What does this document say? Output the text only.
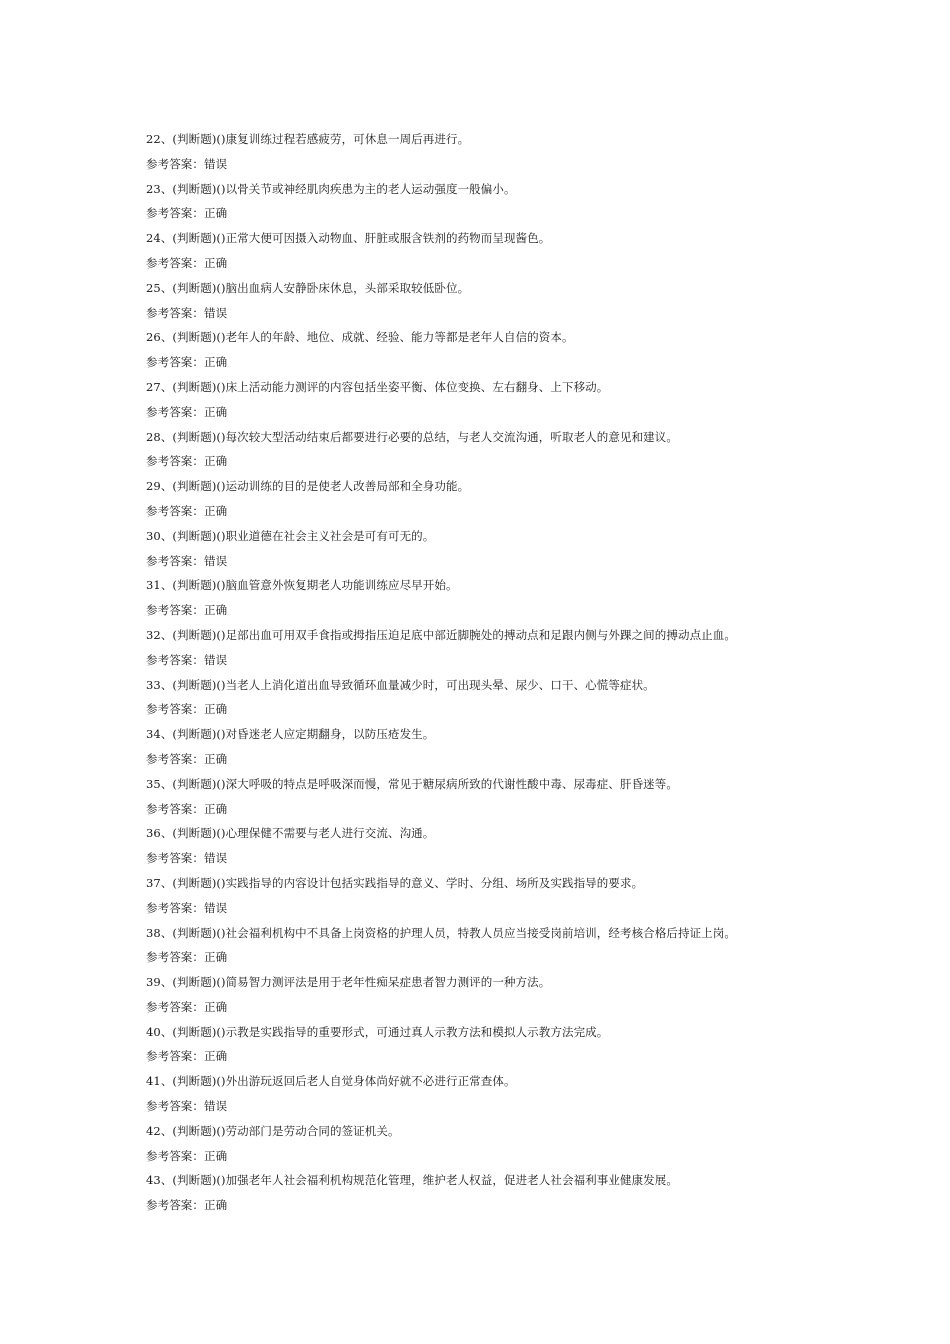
22、(判断题)()康复训练过程若感疲劳，可休息一周后再进行。
参考答案：错误
23、(判断题)()以骨关节或神经肌肉疾患为主的老人运动强度一般偏小。
参考答案：正确
24、(判断题)()正常大便可因摄入动物血、肝脏或服含铁剂的药物而呈现酱色。
参考答案：正确
25、(判断题)()脑出血病人安静卧床休息，头部采取较低卧位。
参考答案：错误
26、(判断题)()老年人的年龄、地位、成就、经验、能力等都是老年人自信的资本。
参考答案：正确
27、(判断题)()床上活动能力测评的内容包括坐姿平衡、体位变换、左右翻身、上下移动。
参考答案：正确
28、(判断题)()每次较大型活动结束后都要进行必要的总结，与老人交流沟通，听取老人的意见和建议。
参考答案：正确
29、(判断题)()运动训练的目的是使老人改善局部和全身功能。
参考答案：正确
30、(判断题)()职业道德在社会主义社会是可有可无的。
参考答案：错误
31、(判断题)()脑血管意外恢复期老人功能训练应尽早开始。
参考答案：正确
32、(判断题)()足部出血可用双手食指或拇指压迫足底中部近脚腕处的搏动点和足跟内侧与外踝之间的搏动点止血。
参考答案：错误
33、(判断题)()当老人上消化道出血导致循环血量减少时，可出现头晕、尿少、口干、心慌等症状。
参考答案：正确
34、(判断题)()对昏迷老人应定期翻身，以防压疮发生。
参考答案：正确
35、(判断题)()深大呼吸的特点是呼吸深而慢，常见于糖尿病所致的代谢性酸中毒、尿毒症、肝昏迷等。
参考答案：正确
36、(判断题)()心理保健不需要与老人进行交流、沟通。
参考答案：错误
37、(判断题)()实践指导的内容设计包括实践指导的意义、学时、分组、场所及实践指导的要求。
参考答案：错误
38、(判断题)()社会福利机构中不具备上岗资格的护理人员，特教人员应当接受岗前培训，经考核合格后持证上岗。
参考答案：正确
39、(判断题)()简易智力测评法是用于老年性痴呆症患者智力测评的一种方法。
参考答案：正确
40、(判断题)()示教是实践指导的重要形式，可通过真人示教方法和模拟人示教方法完成。
参考答案：正确
41、(判断题)()外出游玩返回后老人自觉身体尚好就不必进行正常查体。
参考答案：错误
42、(判断题)()劳动部门是劳动合同的签证机关。
参考答案：正确
43、(判断题)()加强老年人社会福利机构规范化管理，维护老人权益，促进老人社会福利事业健康发展。
参考答案：正确
